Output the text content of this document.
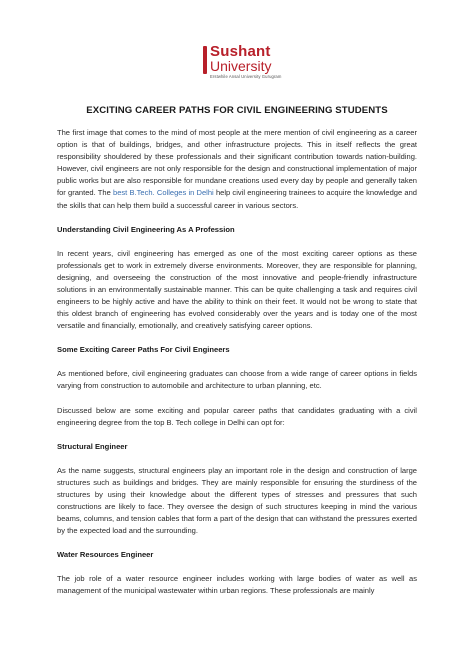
Sushant
University
Erstwhile Ansal University Gurugram
EXCITING CAREER PATHS FOR CIVIL ENGINEERING STUDENTS

The first image that comes to the mind of most people at the mere mention of civil engineering as a career option is that of buildings, bridges, and other infrastructure projects. This in itself reflects the great responsibility shouldered by these professionals and their significant contribution towards nation-building. However, civil engineers are not only responsible for the design and constructional implementation of major public works but are also responsible for mundane creations used every day by people and generally taken for granted. The best B.Tech. Colleges in Delhi help civil engineering trainees to acquire the knowledge and the skills that can help them build a successful career in various sectors.

Understanding Civil Engineering As A Profession

In recent years, civil engineering has emerged as one of the most exciting career options as these professionals get to work in extremely diverse environments. Moreover, they are responsible for planning, designing, and overseeing the construction of the most innovative and people-friendly infrastructure solutions in an environmentally sustainable manner. This can be quite challenging a task and requires civil engineers to be highly active and have the ability to think on their feet. It would not be wrong to state that this oldest branch of engineering has evolved considerably over the years and is today one of the most versatile and financially, emotionally, and creatively satisfying career options.

Some Exciting Career Paths For Civil Engineers

As mentioned before, civil engineering graduates can choose from a wide range of career options in fields varying from construction to automobile and architecture to urban planning, etc.

Discussed below are some exciting and popular career paths that candidates graduating with a civil engineering degree from the top B. Tech college in Delhi can opt for:

Structural Engineer

As the name suggests, structural engineers play an important role in the design and construction of large structures such as buildings and bridges. They are mainly responsible for ensuring the sturdiness of the structures by using their knowledge about the different types of stresses and pressures that such constructions are likely to face. They oversee the design of such structures keeping in mind the various beams, columns, and tension cables that form a part of the design that can withstand the pressures exerted by the expected load and the surrounding.

Water Resources Engineer

The job role of a water resource engineer includes working with large bodies of water as well as management of the municipal wastewater within urban regions. These professionals are mainly
